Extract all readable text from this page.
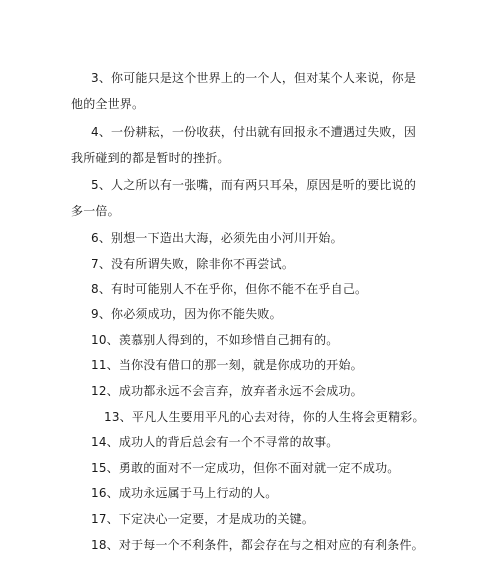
3、你可能只是这个世界上的一个人，但对某个人来说，你是
他的全世界。
4、一份耕耘，一份收获，付出就有回报永不遭遇过失败，因
我所碰到的都是暂时的挫折。
5、人之所以有一张嘴，而有两只耳朵，原因是听的要比说的
多一倍。
6、别想一下造出大海，必须先由小河川开始。
7、没有所谓失败，除非你不再尝试。
8、有时可能别人不在乎你，但你不能不在乎自己。
9、你必须成功，因为你不能失败。
10、羡慕别人得到的，不如珍惜自己拥有的。
11、当你没有借口的那一刻，就是你成功的开始。
12、成功都永远不会言弃，放弃者永远不会成功。
13、平凡人生要用平凡的心去对待，你的人生将会更精彩。
14、成功人的背后总会有一个不寻常的故事。
15、勇敢的面对不一定成功，但你不面对就一定不成功。
16、成功永远属于马上行动的人。
17、下定决心一定要，才是成功的关键。
18、对于每一个不利条件，都会存在与之相对应的有利条件。
